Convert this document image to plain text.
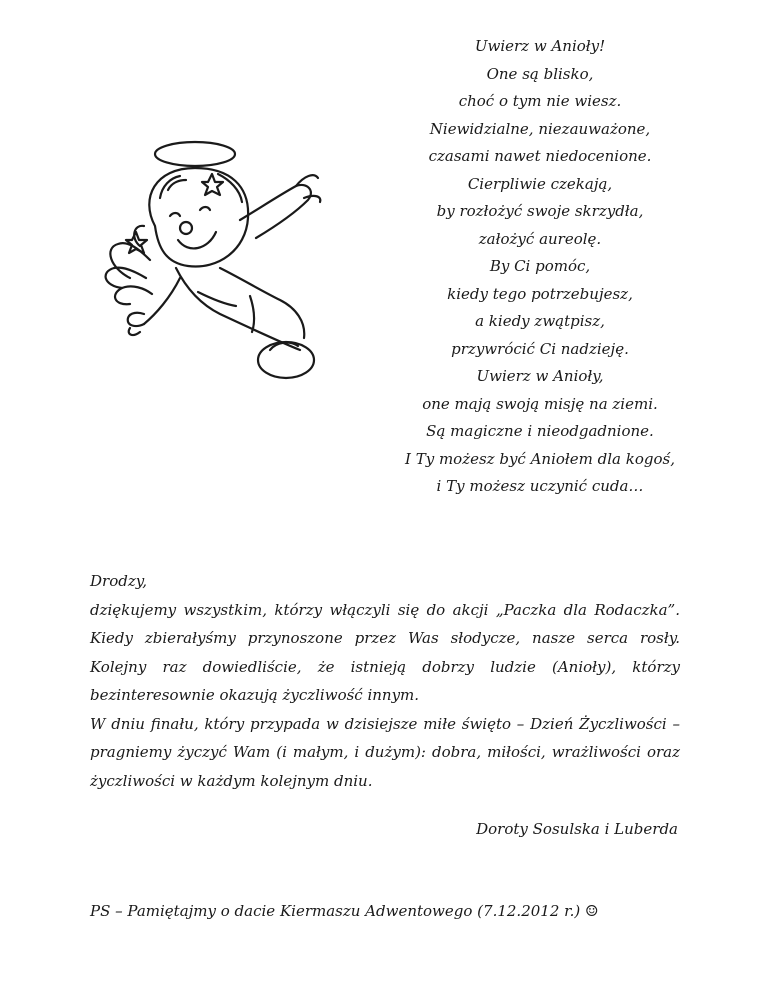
Uwierz w Anioły!
One są blisko,
choć o tym nie wiesz.
Niewidzialne, niezauważone,
czasami nawet niedocenione.
Cierpliwie czekają,
by rozłożyć swoje skrzydła,
założyć aureolę.
By Ci pomóc,
kiedy tego potrzebujesz,
a kiedy zwątpisz,
przywrócić Ci nadzieję.
Uwierz w Anioły,
one mają swoją misję na ziemi.
Są magiczne i nieodgadnione.
I Ty możesz być Aniołem dla kogoś,
i Ty możesz uczynić cuda…
Drodzy,

dziękujemy wszystkim, którzy włączyli się do akcji „Paczka dla Rodaczka”. Kiedy zbierałyśmy przynoszone przez Was słodycze, nasze serca rosły. Kolejny raz dowiedliście, że istnieją dobrzy ludzie (Anioły), którzy bezinteresownie okazują życzliwość innym.

W dniu finału, który przypada w dzisiejsze miłe święto – Dzień Życzliwości – pragniemy życzyć Wam (i małym, i dużym): dobra, miłości, wrażliwości oraz życzliwości w każdym kolejnym dniu.

Doroty Sosulska i Luberda
PS – Pamiętajmy o dacie Kiermaszu Adwentowego (7.12.2012 r.) ☺
